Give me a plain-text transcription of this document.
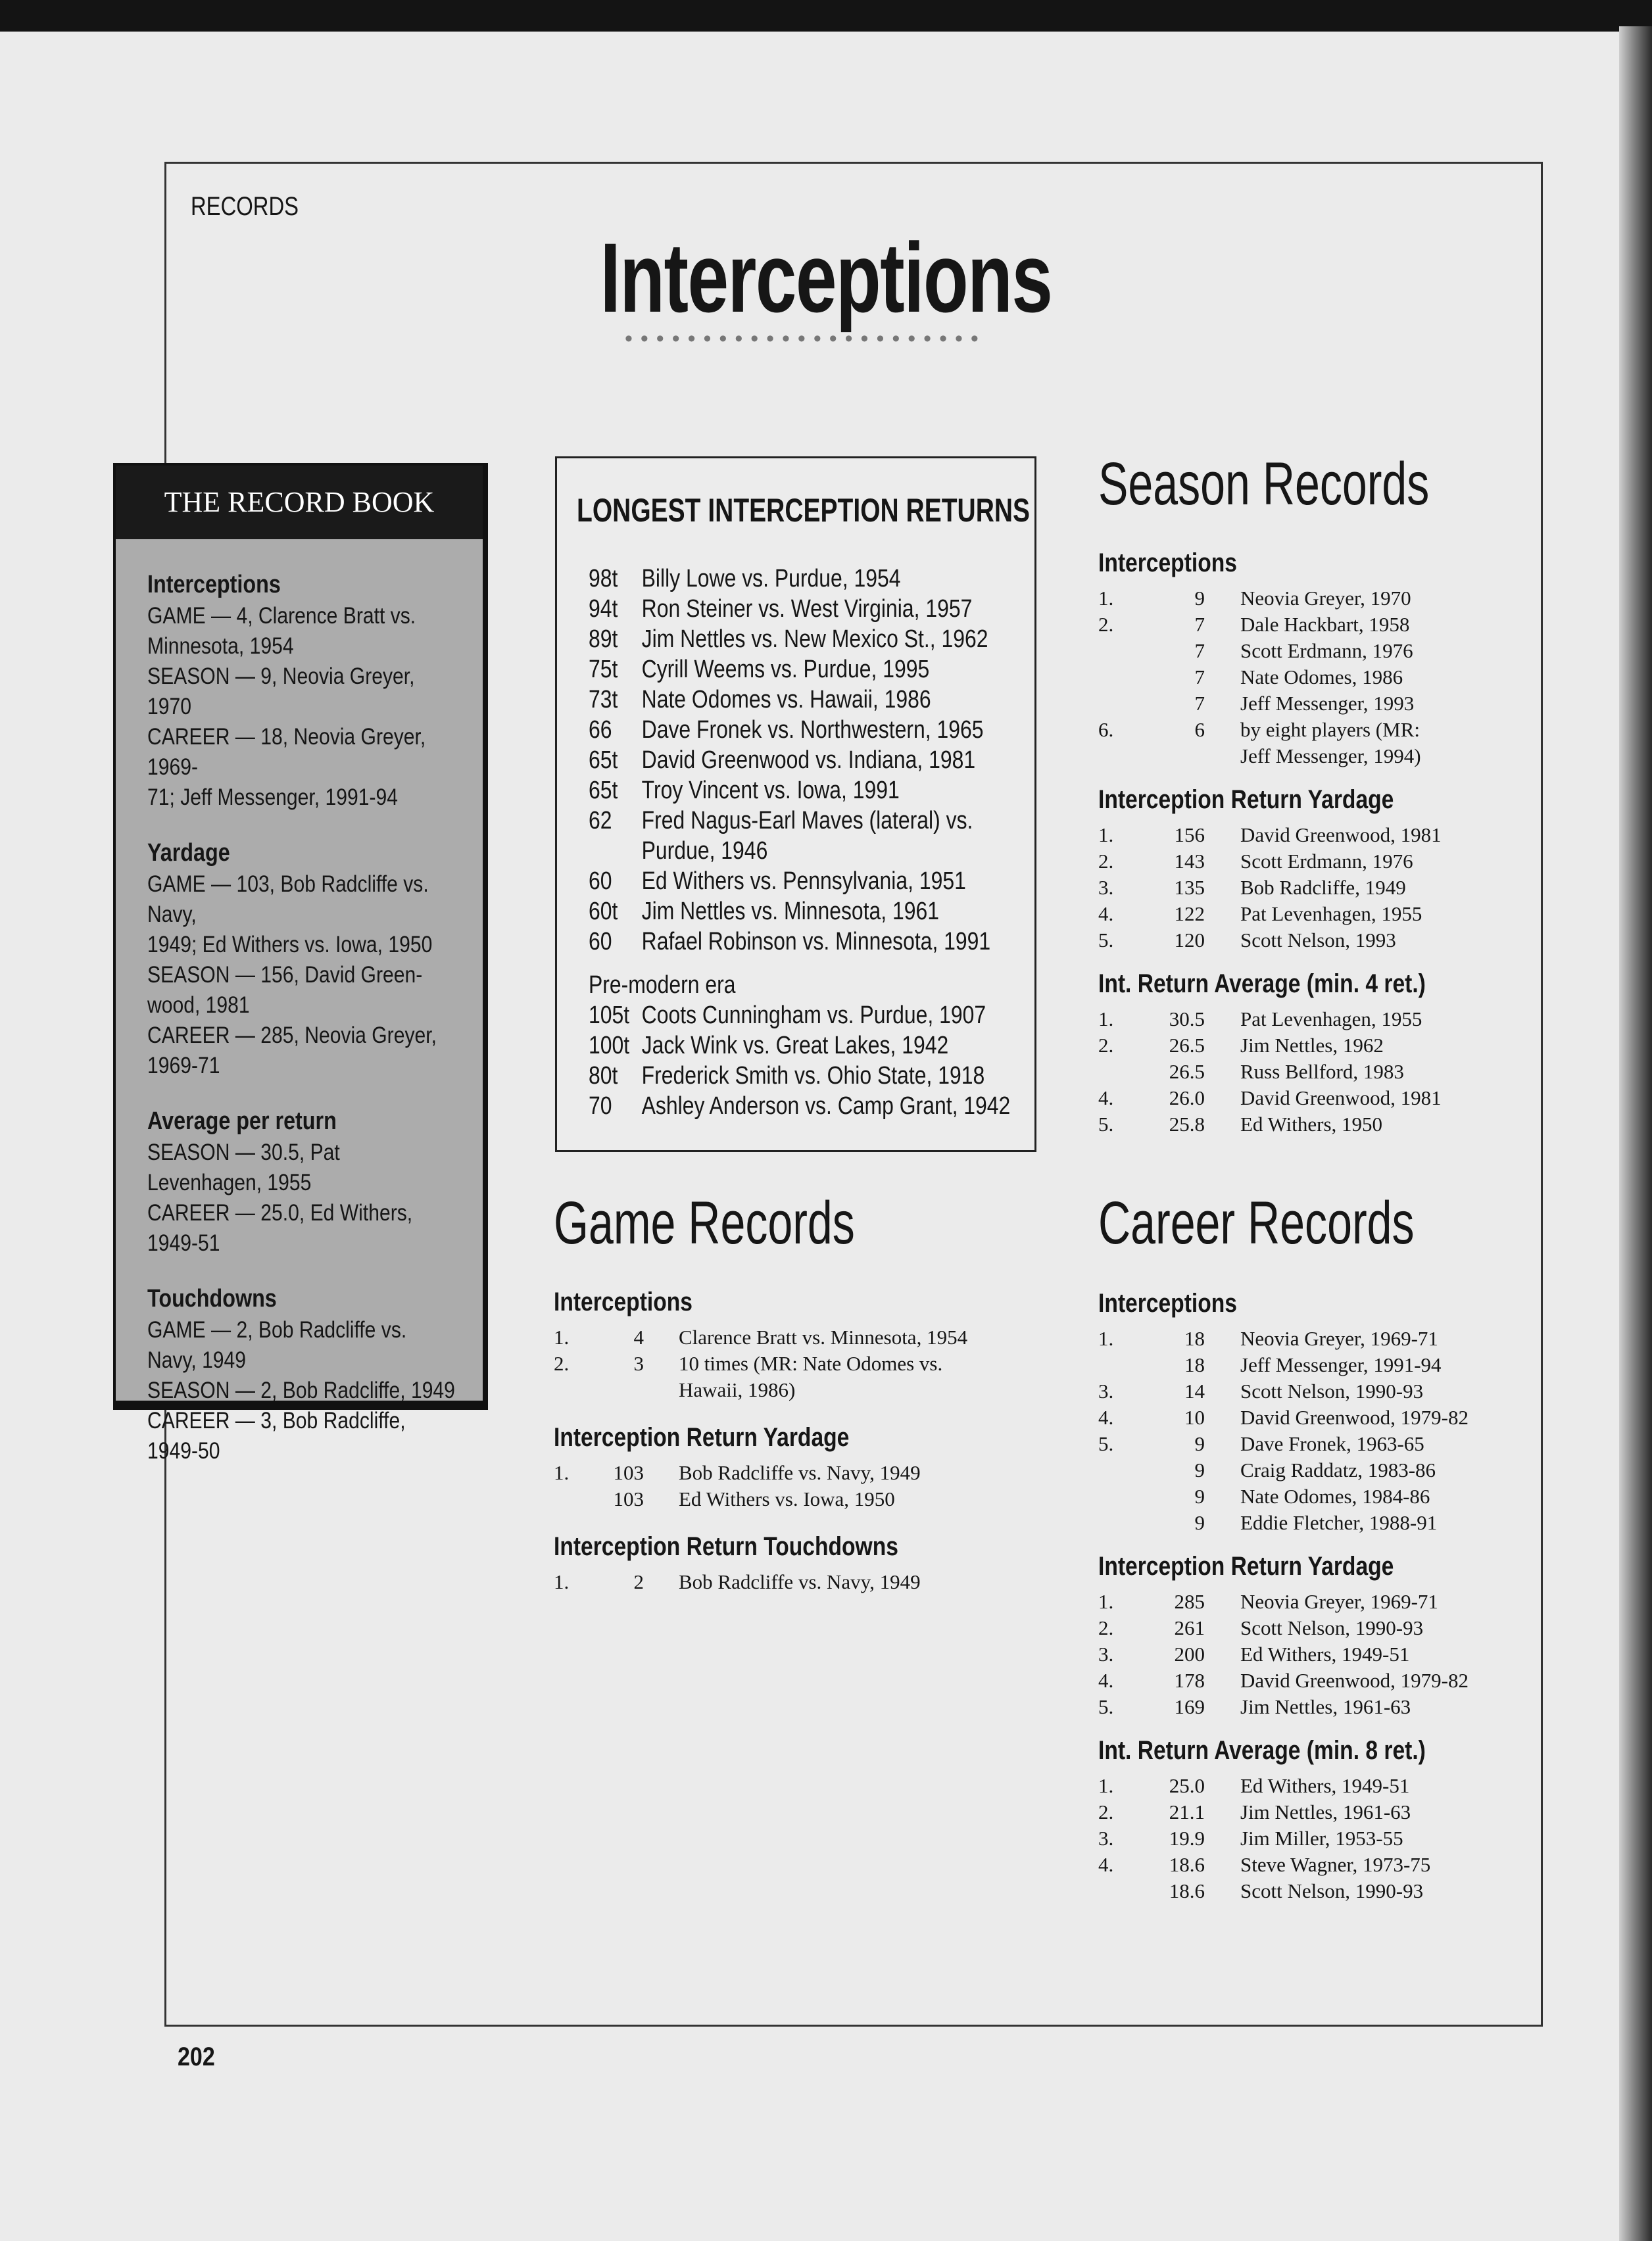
RECORDS
Interceptions
•••••••••••••••••••••••
THE RECORD BOOK
Interceptions
GAME — 4, Clarence Bratt vs.
Minnesota, 1954
SEASON — 9, Neovia Greyer, 1970
CAREER — 18, Neovia Greyer, 1969-
71; Jeff Messenger, 1991-94
Yardage
GAME — 103, Bob Radcliffe vs. Navy,
1949; Ed Withers vs. Iowa, 1950
SEASON — 156, David Green-
wood, 1981
CAREER — 285, Neovia Greyer,
1969-71
Average per return
SEASON — 30.5, Pat
Levenhagen, 1955
CAREER — 25.0, Ed Withers,
1949-51
Touchdowns
GAME — 2, Bob Radcliffe vs.
Navy, 1949
SEASON — 2, Bob Radcliffe, 1949
CAREER — 3, Bob Radcliffe,
1949-50
LONGEST INTERCEPTION RETURNS
98t Billy Lowe vs. Purdue, 1954
94t Ron Steiner vs. West Virginia, 1957
89t Jim Nettles vs. New Mexico St., 1962
75t Cyrill Weems vs. Purdue, 1995
73t Nate Odomes vs. Hawaii, 1986
66 Dave Fronek vs. Northwestern, 1965
65t David Greenwood vs. Indiana, 1981
65t Troy Vincent vs. Iowa, 1991
62 Fred Nagus-Earl Maves (lateral) vs.
Purdue, 1946
60 Ed Withers vs. Pennsylvania, 1951
60t Jim Nettles vs. Minnesota, 1961
60 Rafael Robinson vs. Minnesota, 1991
Pre-modern era
105t Coots Cunningham vs. Purdue, 1907
100t Jack Wink vs. Great Lakes, 1942
80t Frederick Smith vs. Ohio State, 1918
70 Ashley Anderson vs. Camp Grant, 1942
Game Records
Interceptions
1.	4 Clarence Bratt vs. Minnesota, 1954
2.	3 10 times (MR: Nate Odomes vs.
Hawaii, 1986)
Interception Return Yardage
1.	103 Bob Radcliffe vs. Navy, 1949
103 Ed Withers vs. Iowa, 1950
Interception Return Touchdowns
1.	2 Bob Radcliffe vs. Navy, 1949
Season Records
Interceptions
1.	9 Neovia Greyer, 1970
2.	7 Dale Hackbart, 1958
7 Scott Erdmann, 1976
7 Nate Odomes, 1986
7 Jeff Messenger, 1993
6.	6 by eight players (MR:
Jeff Messenger, 1994)
Interception Return Yardage
1.	156 David Greenwood, 1981
2.	143 Scott Erdmann, 1976
3.	135 Bob Radcliffe, 1949
4.	122 Pat Levenhagen, 1955
5.	120 Scott Nelson, 1993
Int. Return Average (min. 4 ret.)
1.	30.5 Pat Levenhagen, 1955
2.	26.5 Jim Nettles, 1962
26.5 Russ Bellford, 1983
4.	26.0 David Greenwood, 1981
5.	25.8 Ed Withers, 1950
Career Records
Interceptions
1.	18 Neovia Greyer, 1969-71
18 Jeff Messenger, 1991-94
3.	14 Scott Nelson, 1990-93
4.	10 David Greenwood, 1979-82
5.	9 Dave Fronek, 1963-65
9 Craig Raddatz, 1983-86
9 Nate Odomes, 1984-86
9 Eddie Fletcher, 1988-91
Interception Return Yardage
1.	285 Neovia Greyer, 1969-71
2.	261 Scott Nelson, 1990-93
3.	200 Ed Withers, 1949-51
4.	178 David Greenwood, 1979-82
5.	169 Jim Nettles, 1961-63
Int. Return Average (min. 8 ret.)
1.	25.0 Ed Withers, 1949-51
2.	21.1 Jim Nettles, 1961-63
3.	19.9 Jim Miller, 1953-55
4.	18.6 Steve Wagner, 1973-75
18.6 Scott Nelson, 1990-93
202
